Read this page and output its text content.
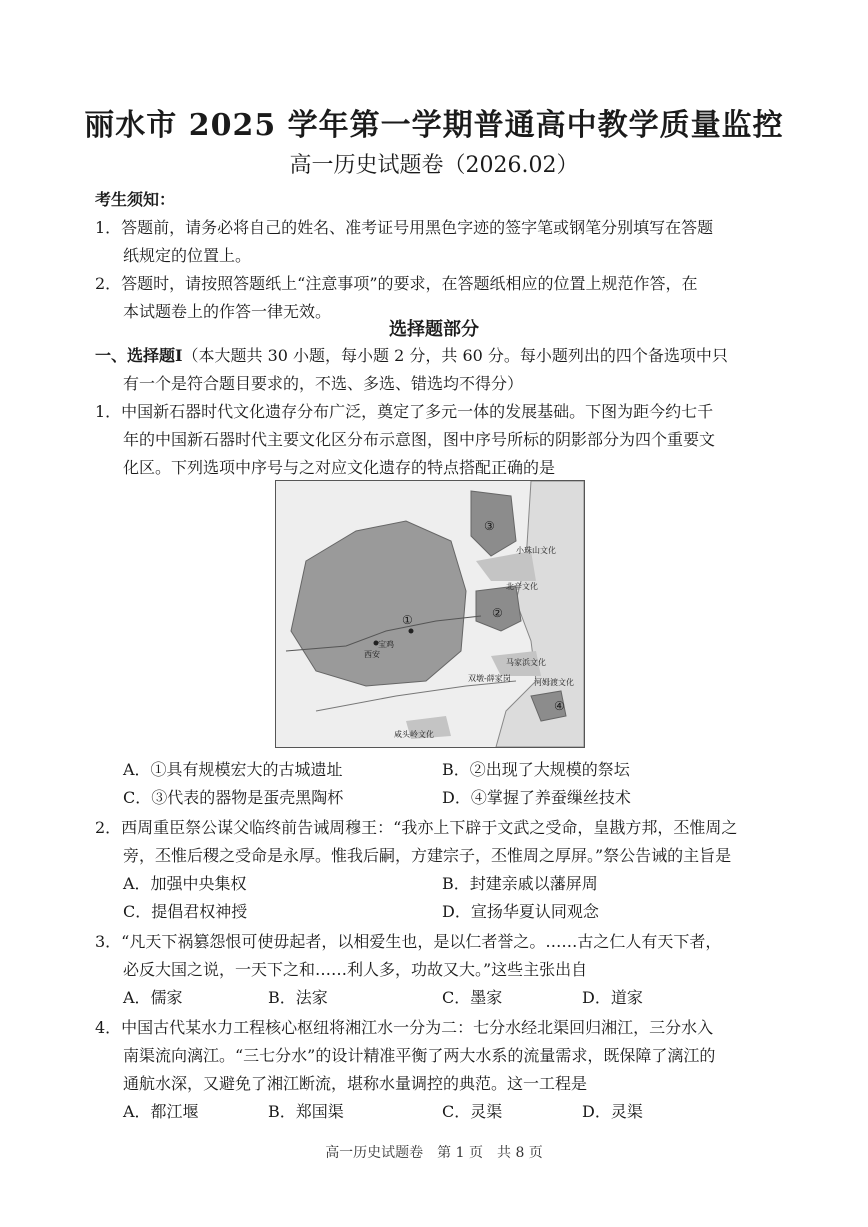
丽水市 2025 学年第一学期普通高中教学质量监控
高一历史试题卷（2026.02）
考生须知：
1．答题前，请务必将自己的姓名、准考证号用黑色字迹的签字笔或钢笔分别填写在答题
纸规定的位置上。
2．答题时，请按照答题纸上“注意事项”的要求，在答题纸相应的位置上规范作答，在
本试题卷上的作答一律无效。
选择题部分
一、选择题Ⅰ（本大题共 30 小题，每小题 2 分，共 60 分。每小题列出的四个备选项中只
有一个是符合题目要求的，不选、多选、错选均不得分）
1．中国新石器时代文化遗存分布广泛，奠定了多元一体的发展基础。下图为距今约七千
年的中国新石器时代主要文化区分布示意图，图中序号所标的阴影部分为四个重要文
化区。下列选项中序号与之对应文化遗存的特点搭配正确的是
③
①	②
④
小珠山文化
北辛文化
马家浜文化
河姆渡文化
双墩-薛家岗
咸头岭文化
西安
宝鸡
A．①具有规模宏大的古城遗址	B．②出现了大规模的祭坛
C．③代表的器物是蛋壳黑陶杯	D．④掌握了养蚕缫丝技术
2．西周重臣祭公谋父临终前告诫周穆王：“我亦上下辟于文武之受命，皇戡方邦，丕惟周之
旁，丕惟后稷之受命是永厚。惟我后嗣，方建宗子，丕惟周之厚屏。”祭公告诫的主旨是
A．加强中央集权	B．封建亲戚以藩屏周
C．提倡君权神授	D．宣扬华夏认同观念
3．“凡天下祸篡怨恨可使毋起者，以相爱生也，是以仁者誉之。……古之仁人有天下者，
必反大国之说，一天下之和……利人多，功故又大。”这些主张出自
A．儒家	B．法家	C．墨家	D．道家
4．中国古代某水力工程核心枢纽将湘江水一分为二：七分水经北渠回归湘江，三分水入
南渠流向漓江。“三七分水”的设计精准平衡了两大水系的流量需求，既保障了漓江的
通航水深，又避免了湘江断流，堪称水量调控的典范。这一工程是
A．都江堰	B．郑国渠	C．灵渠	D．灵渠
高一历史试题卷　第 1 页　共 8 页
